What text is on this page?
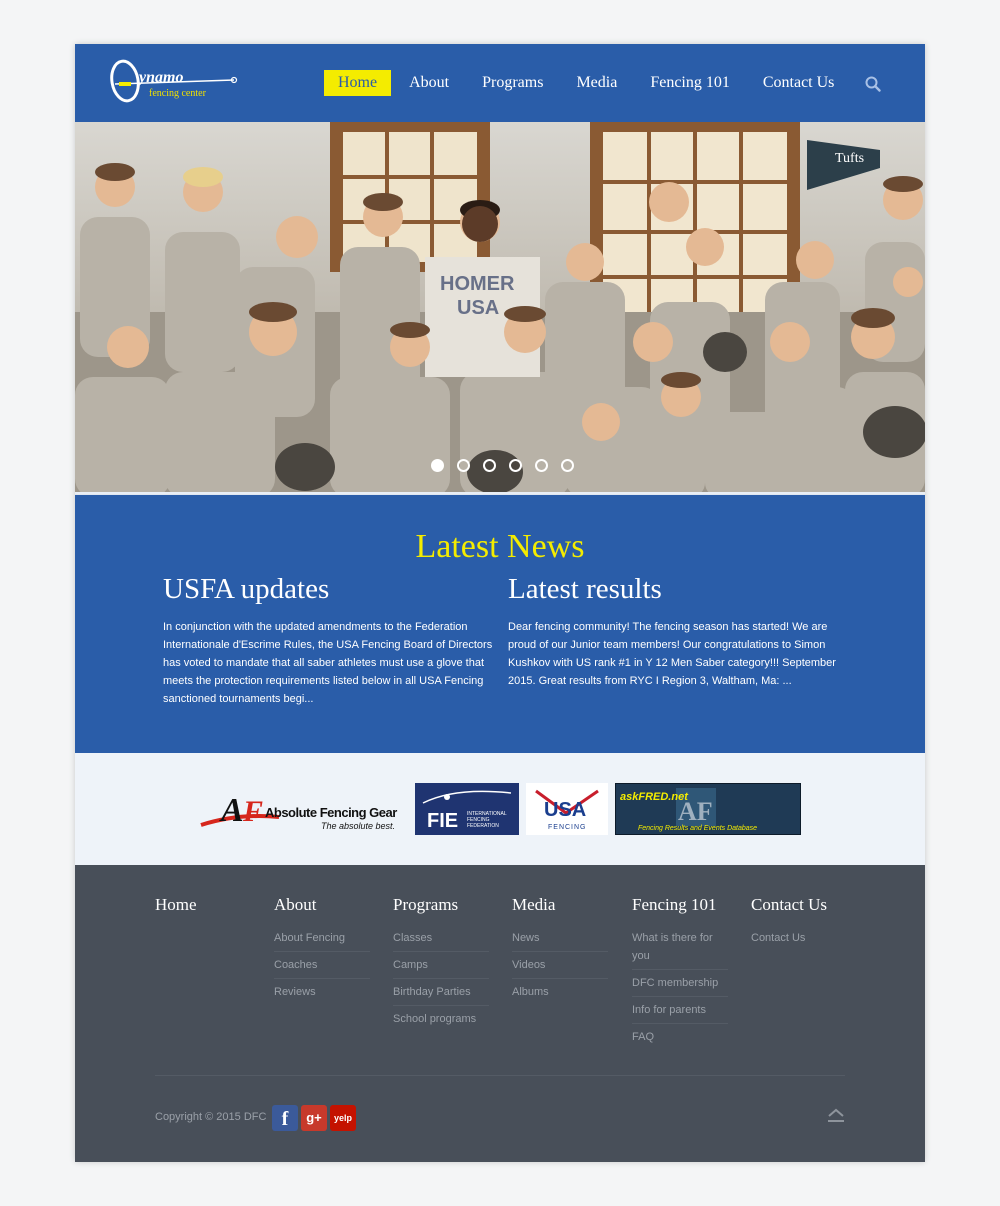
ynamo
fencing center
Home	About	Programs	Media	Fencing 101	Contact Us
Tufts
HOMER
USA
Latest News
USFA updates

In conjunction with the updated amendments to the Federation Internationale d'Escrime Rules, the USA Fencing Board of Directors has voted to mandate that all saber athletes must use a glove that meets the protection requirements listed below in all USA Fencing sanctioned tournaments begi...

Latest results

Dear fencing community! The fencing season has started! We are proud of our Junior team members! Our congratulations to Simon Kushkov with US rank #1 in Y 12 Men Saber category!!! September 2015. Great results from RYC I Region 3, Waltham, Ma: ...

A F Absolute Fencing Gear
The absolute best. FIE INTERNATIONAL FENCING FEDERATION
USA
FENCING
askFRED.net
AF
Fencing Results and Events Database
Home	About
About Fencing
Coaches
Reviews
Programs
Classes
Camps
Birthday Parties
School programs
Media
News
Videos
Albums
Fencing 101
What is there for you
DFC membership
Info for parents
FAQ
Contact Us
Contact Us
Copyright © 2015 DFC f	g+	yelp
